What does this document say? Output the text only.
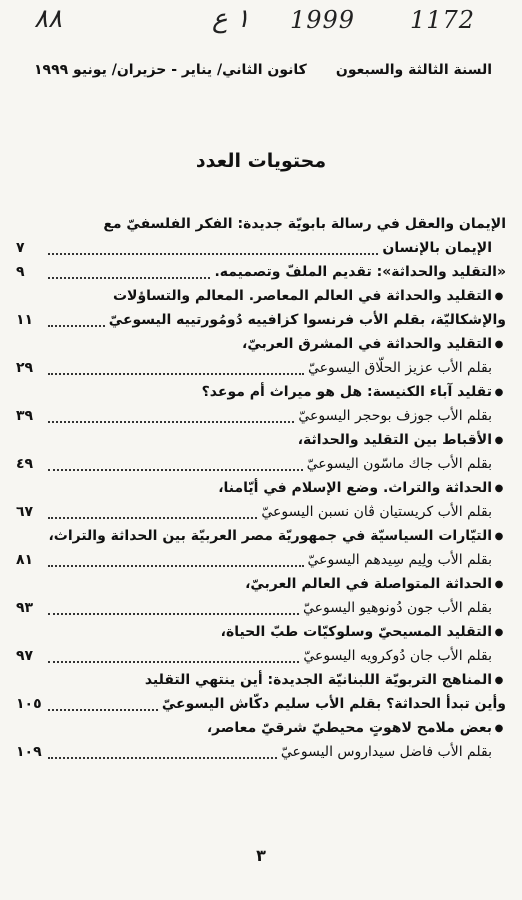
٨٨	١ ع 1999 1172
السنة الثالثة والسبعون
كانون الثاني/ يناير - حزيران/ يونيو ١٩٩٩
محتويات العدد
الإيمان والعقل في رسالة بابويّة جديدة: الفكر الفلسفيّ مع
الإيمان بالإنسان
٧
«التقليد والحداثة»: تقديم الملفّ وتصميمه.
٩
●التقليد والحداثة في العالم المعاصر. المعالم والتساؤلات
والإشكاليّة، بقلم الأب فرنسوا كزافييه دُومُورتييه اليسوعيّ
١١
●التقليد والحداثة في المشرق العربيّ،
بقلم الأب عزيز الحلّاق اليسوعيّ
٢٩
●تقليد آباء الكنيسة: هل هو ميراث أم موعد؟
بقلم الأب جوزف بوحجر اليسوعيّ
٣٩
●الأقباط بين التقليد والحداثة،
بقلم الأب جاك ماسّون اليسوعيّ
٤٩
●الحداثة والتراث. وضع الإسلام في أيّامنا،
بقلم الأب كريستيان ڤان نسبن اليسوعيّ
٦٧
●التيّارات السياسيّة في جمهوريّة مصر العربيّة بين الحداثة والتراث،
بقلم الأب ولِيم سِيدهم اليسوعيّ
٨١
●الحداثة المتواصلة في العالم العربيّ،
بقلم الأب جون دُونوهيو اليسوعيّ
٩٣
●التقليد المسيحيّ وسلوكيّات طبّ الحياة،
بقلم الأب جان دُوكرويه اليسوعيّ
٩٧
●المناهج التربويّة اللبنانيّة الجديدة: أين ينتهي التقليد
وأين تبدأ الحداثة؟ بقلم الأب سليم دكّاش اليسوعيّ
١٠٥
●بعض ملامح لاهوتٍ محيطيّ شرقيّ معاصر،
بقلم الأب فاضل سيداروس اليسوعيّ
١٠٩
٣
